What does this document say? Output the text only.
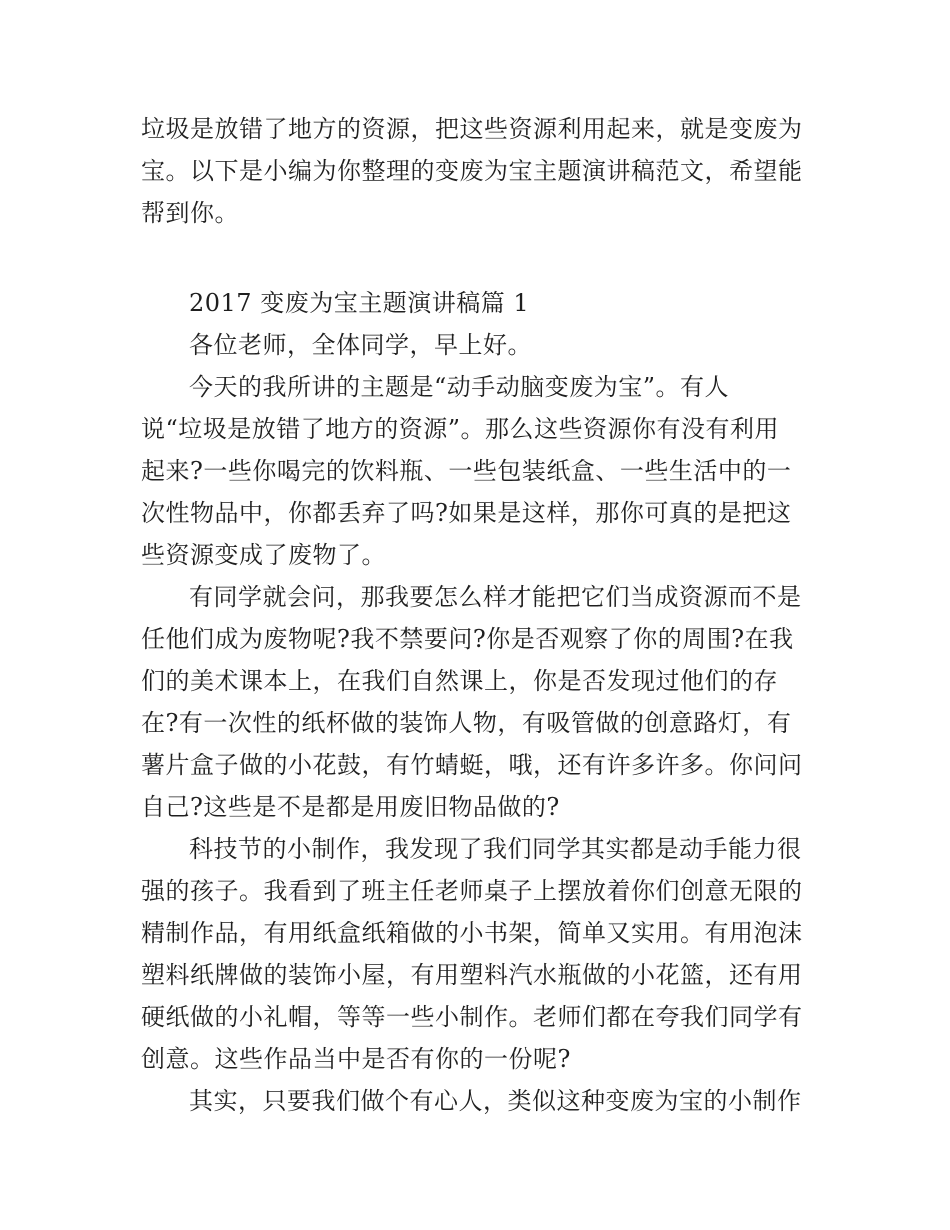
垃圾是放错了地方的资源，把这些资源利用起来，就是变废为
宝。以下是小编为你整理的变废为宝主题演讲稿范文，希望能
帮到你。
2017 变废为宝主题演讲稿篇 1
各位老师，全体同学，早上好。
今天的我所讲的主题是“动手动脑变废为宝”。有人
说“垃圾是放错了地方的资源”。那么这些资源你有没有利用
起来?一些你喝完的饮料瓶、一些包装纸盒、一些生活中的一
次性物品中，你都丢弃了吗?如果是这样，那你可真的是把这
些资源变成了废物了。
有同学就会问，那我要怎么样才能把它们当成资源而不是
任他们成为废物呢?我不禁要问?你是否观察了你的周围?在我
们的美术课本上，在我们自然课上，你是否发现过他们的存
在?有一次性的纸杯做的装饰人物，有吸管做的创意路灯，有
薯片盒子做的小花鼓，有竹蜻蜓，哦，还有许多许多。你问问
自己?这些是不是都是用废旧物品做的?
科技节的小制作，我发现了我们同学其实都是动手能力很
强的孩子。我看到了班主任老师桌子上摆放着你们创意无限的
精制作品，有用纸盒纸箱做的小书架，简单又实用。有用泡沫
塑料纸牌做的装饰小屋，有用塑料汽水瓶做的小花篮，还有用
硬纸做的小礼帽，等等一些小制作。老师们都在夸我们同学有
创意。这些作品当中是否有你的一份呢?
其实，只要我们做个有心人，类似这种变废为宝的小制作
